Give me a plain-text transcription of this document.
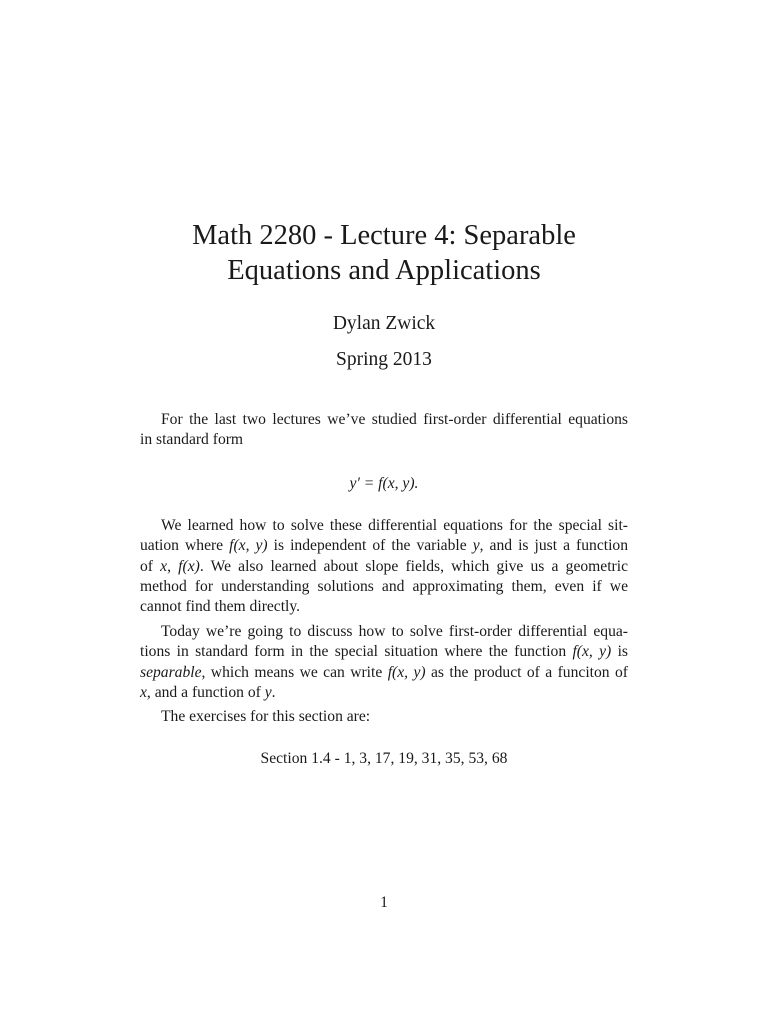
Math 2280 - Lecture 4: Separable
Equations and Applications
Dylan Zwick
Spring 2013

For the last two lectures we’ve studied first-order differential equations
in standard form

y′ = f(x, y).

We learned how to solve these differential equations for the special sit-
uation where f(x, y) is independent of the variable y, and is just a function
of x, f(x). We also learned about slope fields, which give us a geometric
method for understanding solutions and approximating them, even if we
cannot find them directly.

Today we’re going to discuss how to solve first-order differential equa-
tions in standard form in the special situation where the function f(x, y) is
separable, which means we can write f(x, y) as the product of a funciton of
x, and a function of y.

The exercises for this section are:

Section 1.4 - 1, 3, 17, 19, 31, 35, 53, 68
1
